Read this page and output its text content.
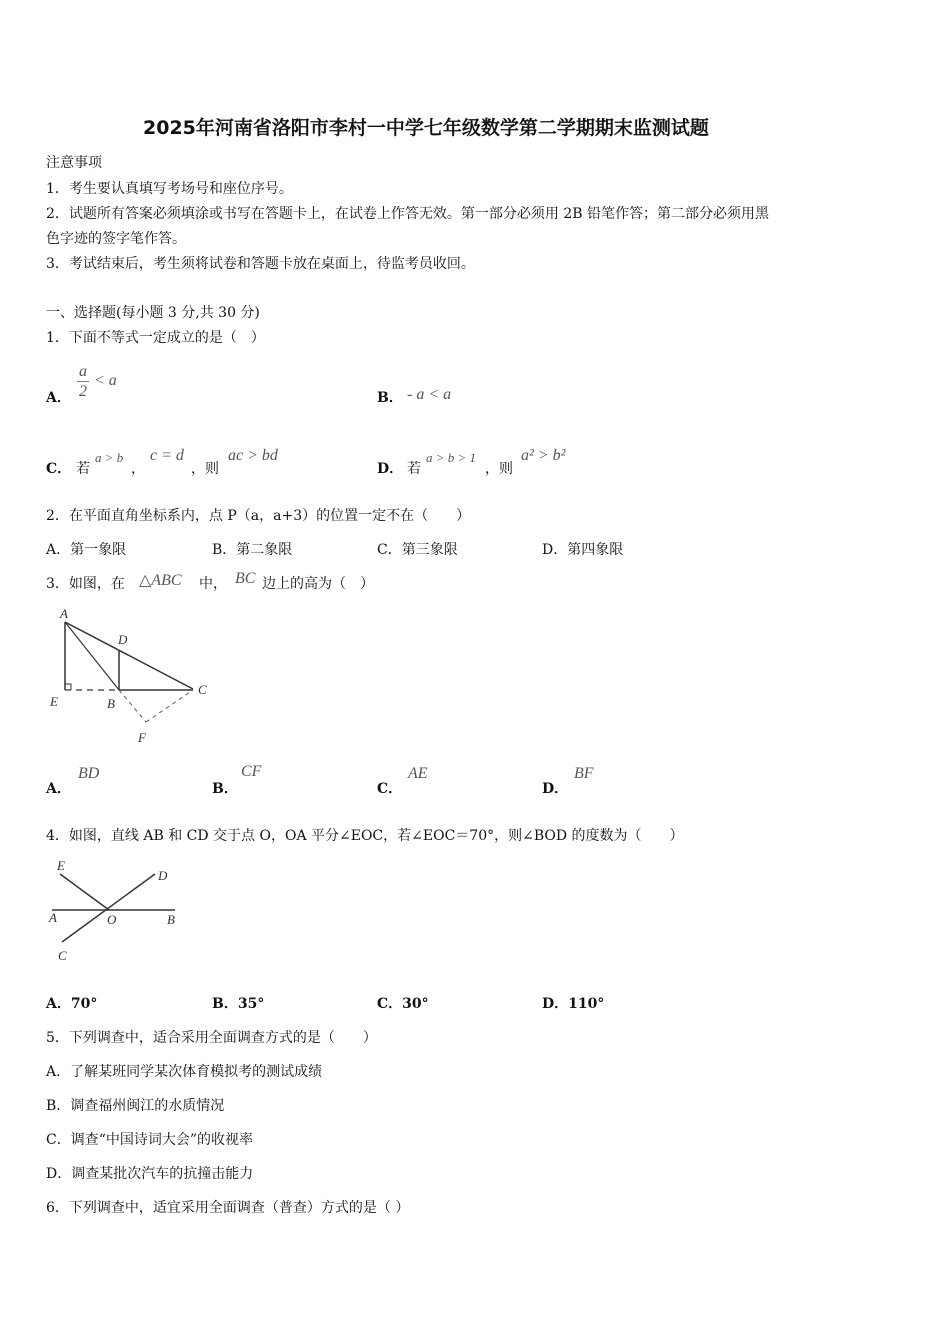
2025年河南省洛阳市李村一中学七年级数学第二学期期末监测试题
注意事项
1．考生要认真填写考场号和座位序号。
2．试题所有答案必须填涂或书写在答题卡上，在试卷上作答无效。第一部分必须用 2B 铅笔作答；第二部分必须用黑
色字迹的签字笔作答。
3．考试结束后，考生须将试卷和答题卡放在桌面上，待监考员收回。
一、选择题(每小题 3 分,共 30 分)
1．下面不等式一定成立的是（　）
A．
a
2
< a
B． - a < a
C． 若
a > b
，
c = d
，则
ac > bd
D． 若
a > b > 1
，则
a² > b²
2．在平面直角坐标系内，点 P（a，a+3）的位置一定不在（　　）
A．第一象限	B．第二象限	C．第三象限	D．第四象限
3．如图，在 △ABC 中， BC 边上的高为（　）
A
D
E	B
C
F
A．
BD
B．
CF
C．
AE
D．
BF
4．如图，直线 AB 和 CD 交于点 O，OA 平分∠EOC，若∠EOC＝70°，则∠BOD 的度数为（　　）
E
D
A	O	B
C
A．70°	B．35°	C．30°	D．110°
5．下列调查中，适合采用全面调查方式的是（　　）
A．了解某班同学某次体育模拟考的测试成绩
B．调查福州闽江的水质情况
C．调查“中国诗词大会”的收视率
D．调查某批次汽车的抗撞击能力
6．下列调查中，适宜采用全面调查（普查）方式的是（ ）
